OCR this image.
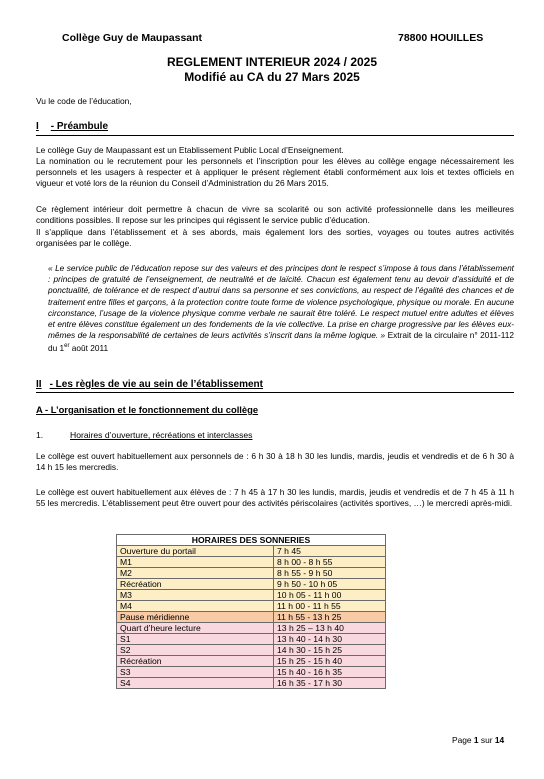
Collège Guy de Maupassant	78800 HOUILLES
REGLEMENT INTERIEUR 2024 / 2025
Modifié au CA du 27 Mars 2025
Vu le code de l’éducation,
I - Préambule
Le collège Guy de Maupassant est un Etablissement Public Local d’Enseignement.
La nomination ou le recrutement pour les personnels et l’inscription pour les élèves au collège engage nécessairement les personnels et les usagers à respecter et à appliquer le présent règlement établi conformément aux lois et textes officiels en vigueur et voté lors de la réunion du Conseil d’Administration du 26 Mars 2015.
Ce règlement intérieur doit permettre à chacun de vivre sa scolarité ou son activité professionnelle dans les meilleures conditions possibles. Il repose sur les principes qui régissent le service public d’éducation.
Il s’applique dans l’établissement et à ses abords, mais également lors des sorties, voyages ou toutes autres activités organisées par le collège.
« Le service public de l’éducation repose sur des valeurs et des principes dont le respect s’impose à tous dans l’établissement : principes de gratuité de l’enseignement, de neutralité et de laïcité. Chacun est également tenu au devoir d’assiduité et de ponctualité, de tolérance et de respect d’autrui dans sa personne et ses convictions, au respect de l’égalité des chances et de traitement entre filles et garçons, à la protection contre toute forme de violence psychologique, physique ou morale. En aucune circonstance, l’usage de la violence physique comme verbale ne saurait être toléré. Le respect mutuel entre adultes et élèves et entre élèves constitue également un des fondements de la vie collective. La prise en charge progressive par les élèves eux-mêmes de la responsabilité de certaines de leurs activités s’inscrit dans la même logique. » Extrait de la circulaire n° 2011-112 du 1er août 2011
II - Les règles de vie au sein de l’établissement
A - L’organisation et le fonctionnement du collège
1.	Horaires d’ouverture, récréations et interclasses
Le collège est ouvert habituellement aux personnels de : 6 h 30 à 18 h 30 les lundis, mardis, jeudis et vendredis et de 6 h 30 à 14 h 15 les mercredis.
Le collège est ouvert habituellement aux élèves de : 7 h 45 à 17 h 30 les lundis, mardis, jeudis et vendredis et de 7 h 45 à 11 h 55 les mercredis. L’établissement peut être ouvert pour des activités périscolaires (activités sportives, …) le mercredi après-midi.
HORAIRES DES SONNERIES	
Ouverture du portail	7 h 45
M1	8 h 00 - 8 h 55
M2	8 h 55 - 9 h 50
Récréation	9 h 50 - 10 h 05
M3	10 h 05 - 11 h 00
M4	11 h 00 - 11 h 55
Pause méridienne	11 h 55 - 13 h 25
Quart d’heure lecture	13 h 25 – 13 h 40
S1	13 h 40 - 14 h 30
S2	14 h 30 - 15 h 25
Récréation	15 h 25 - 15 h 40
S3	15 h 40 - 16 h 35
S4	16 h 35 - 17 h 30
Page 1 sur 14
